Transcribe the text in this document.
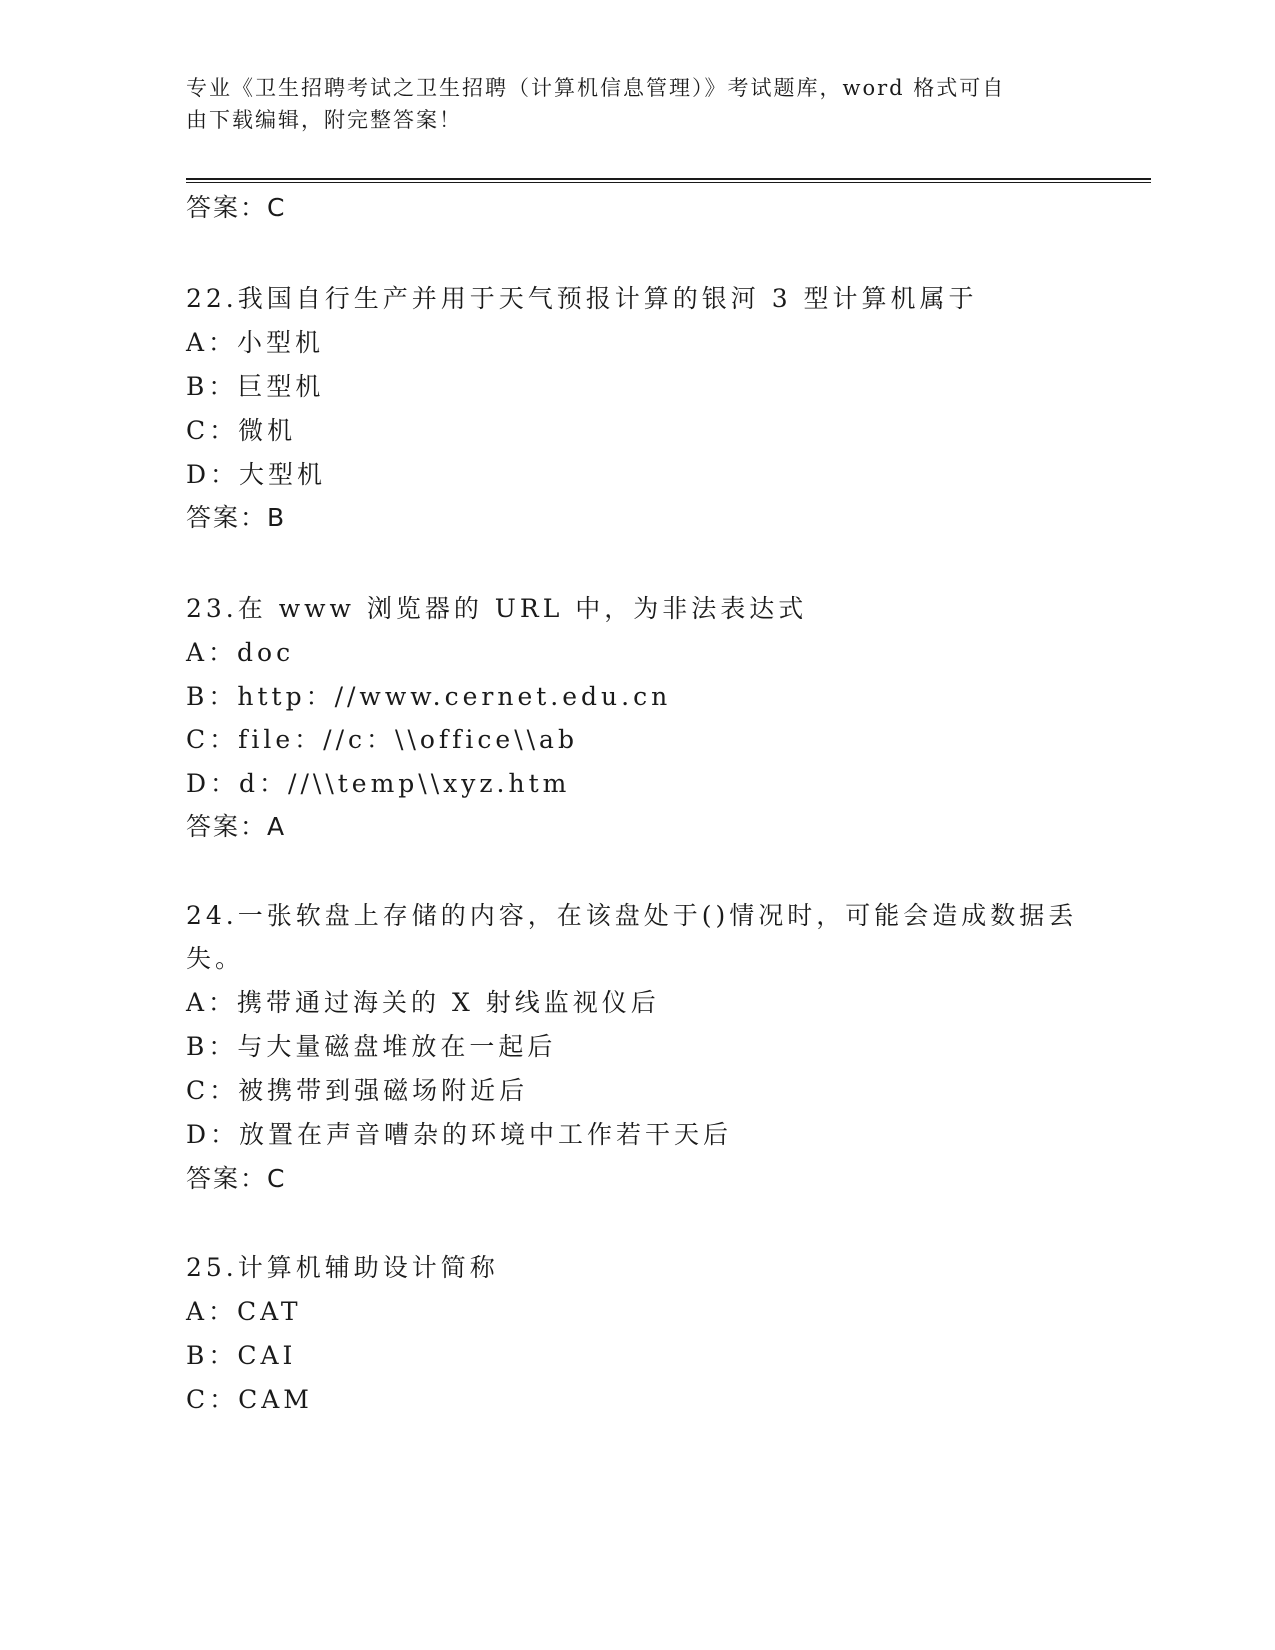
专业《卫生招聘考试之卫生招聘（计算机信息管理）》考试题库，word 格式可自
由下载编辑，附完整答案！
答案：C
22.我国自行生产并用于天气预报计算的银河 3 型计算机属于
A：小型机
B：巨型机
C：微机
D：大型机
答案：B
23.在 www 浏览器的 URL 中，为非法表达式
A：doc
B：http：//www.cernet.edu.cn
C：file：//c：\\office\\ab
D：d：//\\temp\\xyz.htm
答案：A
24.一张软盘上存储的内容，在该盘处于()情况时，可能会造成数据丢
失。
A：携带通过海关的 X 射线监视仪后
B：与大量磁盘堆放在一起后
C：被携带到强磁场附近后
D：放置在声音嘈杂的环境中工作若干天后
答案：C
25.计算机辅助设计简称
A：CAT
B：CAI
C：CAM
